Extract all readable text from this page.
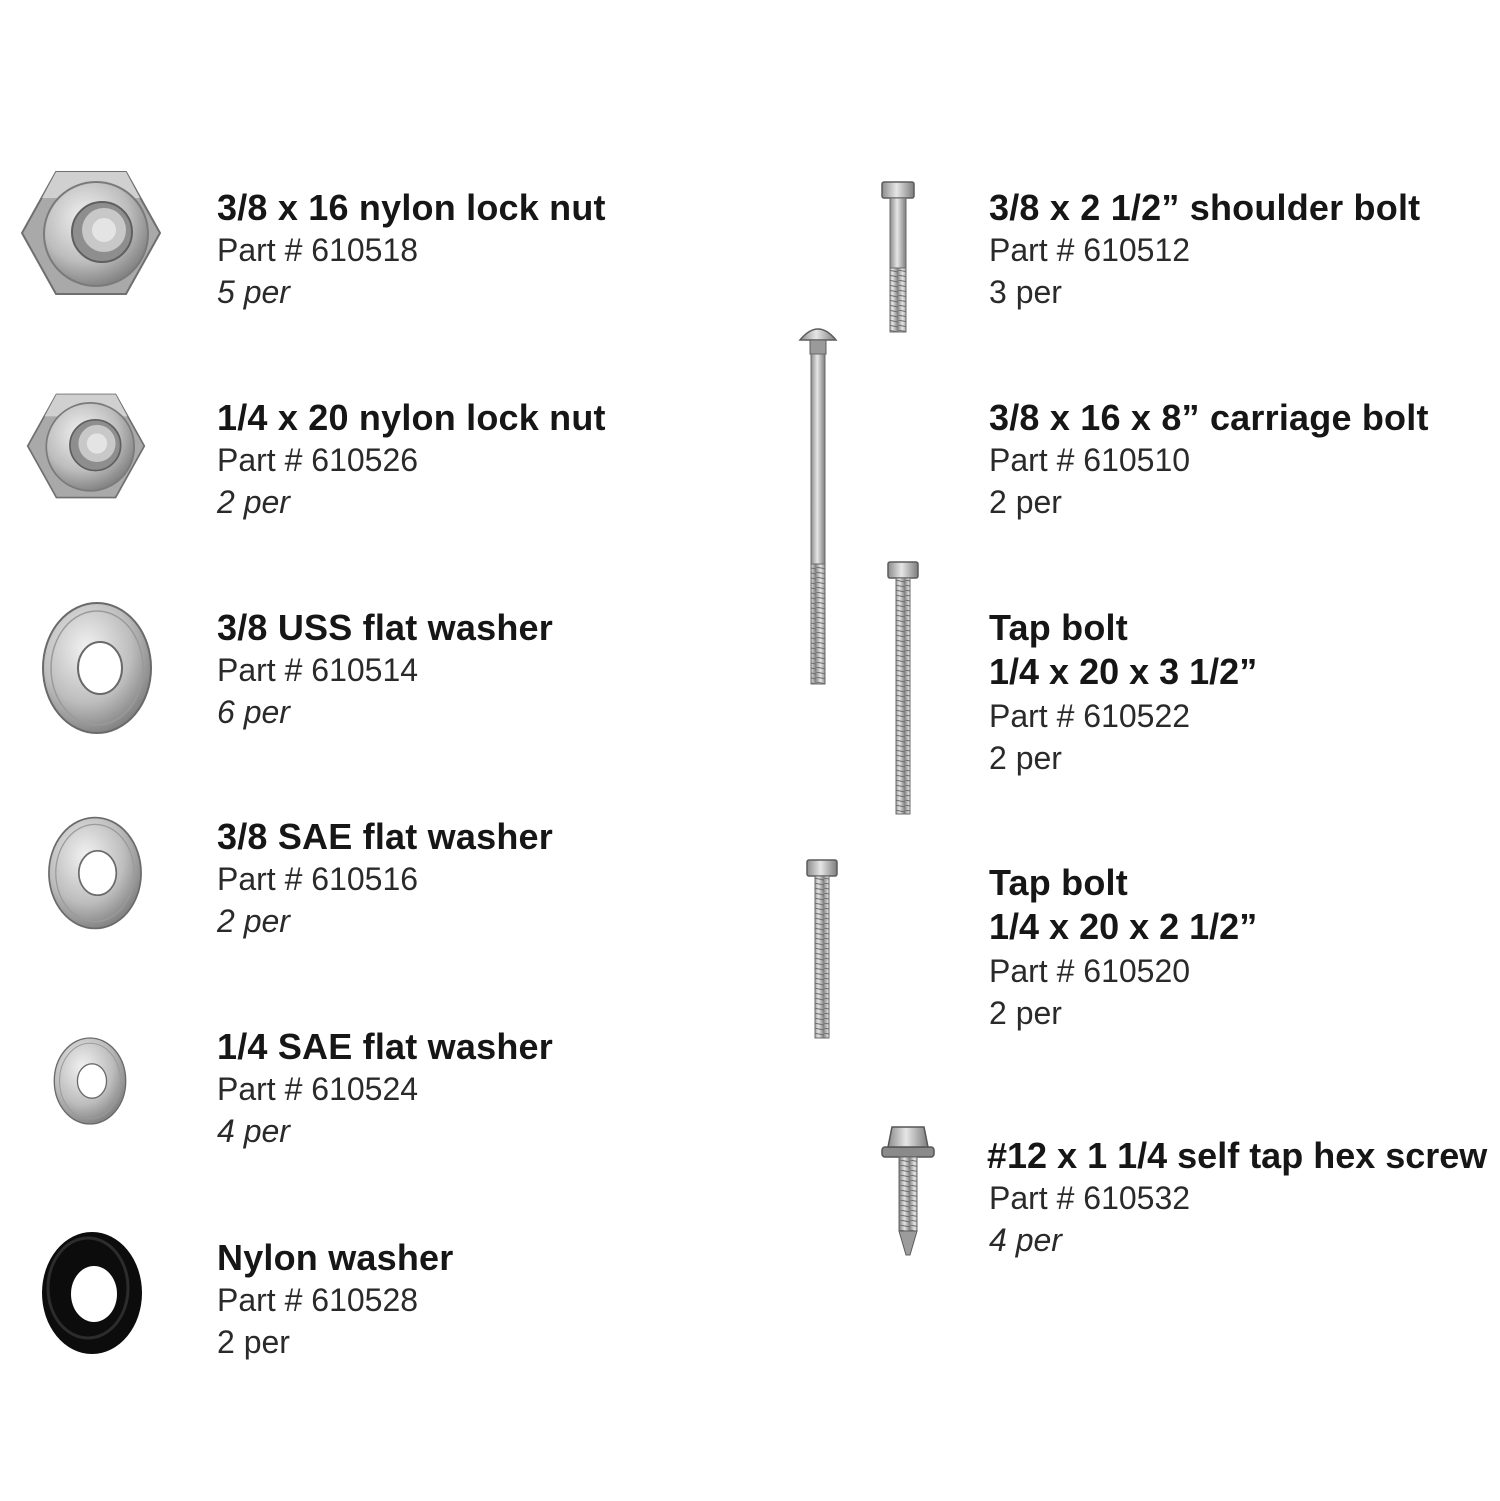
3/8 x 16 nylon lock nut
Part # 610518
5 per
1/4 x 20 nylon lock nut
Part # 610526
2 per
3/8 USS flat washer
Part # 610514
6 per
3/8 SAE flat washer
Part # 610516
2 per
1/4 SAE flat washer
Part # 610524
4 per
Nylon washer
Part # 610528
2 per
3/8 x 2 1/2” shoulder bolt
Part # 610512
3 per
3/8 x 16 x 8” carriage bolt
Part # 610510
2 per
Tap bolt
1/4 x 20 x 3 1/2”
Part # 610522
2 per
Tap bolt
1/4 x 20 x 2 1/2”
Part # 610520
2 per
#12 x 1 1/4 self tap hex screw
Part # 610532
4 per
